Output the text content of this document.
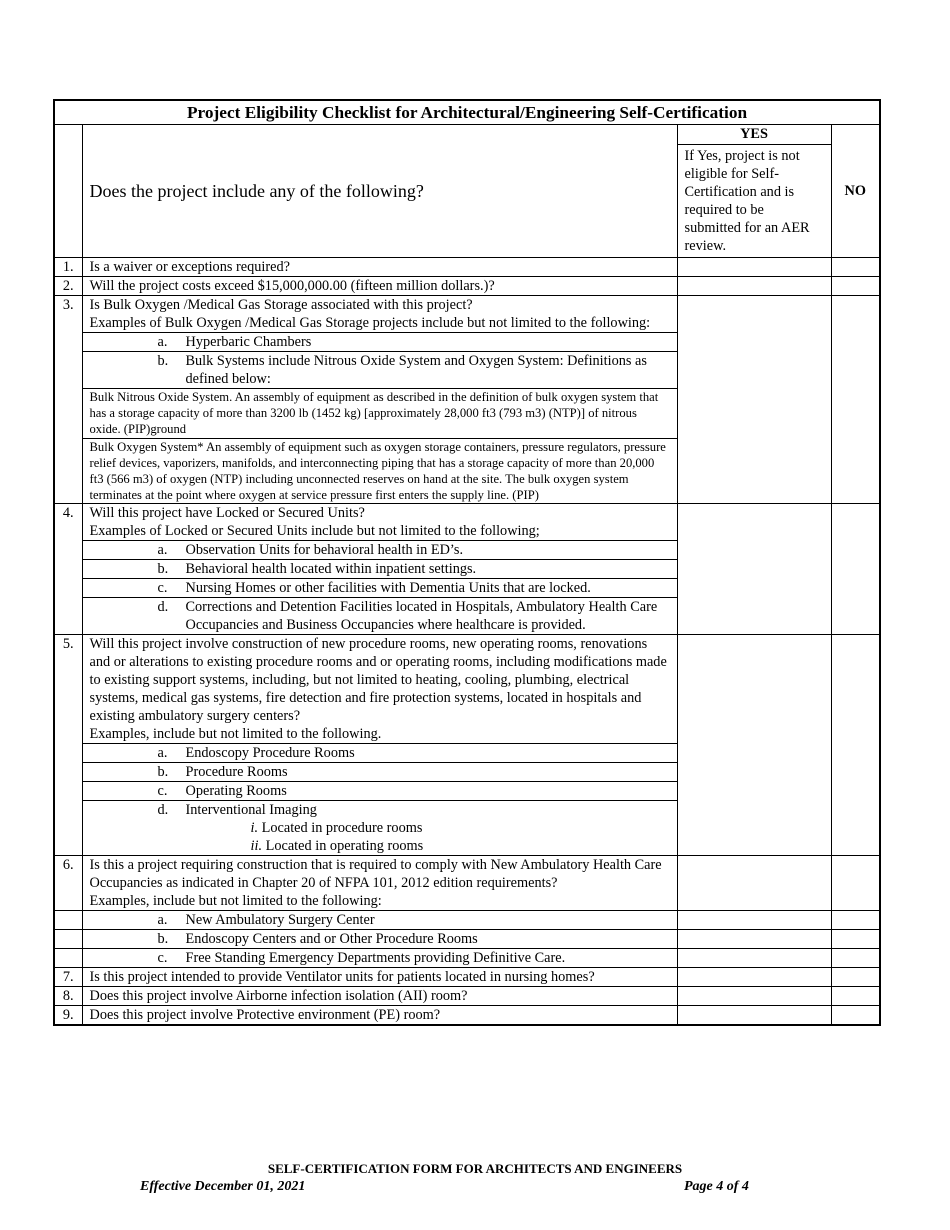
Project Eligibility Checklist for Architectural/Engineering Self-Certification			
	Does the project include any of the following?	YES	NO
		If Yes, project is not eligible for Self-Certification and is required to be submitted for an AER review.	
1.	Is a waiver or exceptions required?		
2.	Will the project costs exceed $15,000,000.00 (fifteen million dollars.)?		
3.	Is Bulk Oxygen /Medical Gas Storage associated with this project?
Examples of Bulk Oxygen /Medical Gas Storage projects include but not limited to the following:		

	a. Hyperbaric Chambers		
	b. Bulk Systems include Nitrous Oxide System and Oxygen System: Definitions as defined below:		
	Bulk Nitrous Oxide System. An assembly of equipment as described in the definition of bulk oxygen system that has a storage capacity of more than 3200 lb (1452 kg) [approximately 28,000 ft3 (793 m3) (NTP)] of nitrous oxide. (PIP)ground		
	Bulk Oxygen System* An assembly of equipment such as oxygen storage containers, pressure regulators, pressure relief devices, vaporizers, manifolds, and interconnecting piping that has a storage capacity of more than 20,000 ft3 (566 m3) of oxygen (NTP) including unconnected reserves on hand at the site. The bulk oxygen system terminates at the point where oxygen at service pressure first enters the supply line. (PIP)		
4.	Will this project have Locked or Secured Units?
Examples of Locked or Secured Units include but not limited to the following;		

	a. Observation Units for behavioral health in ED’s.		
	b. Behavioral health located within inpatient settings.		
	c. Nursing Homes or other facilities with Dementia Units that are locked.		
	d. Corrections and Detention Facilities located in Hospitals, Ambulatory Health Care Occupancies and Business Occupancies where healthcare is provided.		
5.	Will this project involve construction of new procedure rooms, new operating rooms, renovations and or alterations to existing procedure rooms and or operating rooms, including modifications made to existing support systems, including, but not limited to heating, cooling, plumbing, electrical systems, medical gas systems, fire detection and fire protection systems, located in hospitals and existing ambulatory surgery centers?
Examples, include but not limited to the following.		

	a. Endoscopy Procedure Rooms		
	b. Procedure Rooms		
	c. Operating Rooms		
	d. Interventional Imaging
i. Located in procedure rooms
ii. Located in operating rooms		

6.	Is this a project requiring construction that is required to comply with New Ambulatory Health Care Occupancies as indicated in Chapter 20 of NFPA 101, 2012 edition requirements?
Examples, include but not limited to the following:		

	a. New Ambulatory Surgery Center		
	b. Endoscopy Centers and or Other Procedure Rooms		
	c. Free Standing Emergency Departments providing Definitive Care.		
7.	Is this project intended to provide Ventilator units for patients located in nursing homes?		
8.	Does this project involve Airborne infection isolation (AII) room?		
9.	Does this project involve Protective environment (PE) room?		
SELF-CERTIFICATION FORM FOR ARCHITECTS AND ENGINEERS
Effective December 01, 2021	Page 4 of 4
